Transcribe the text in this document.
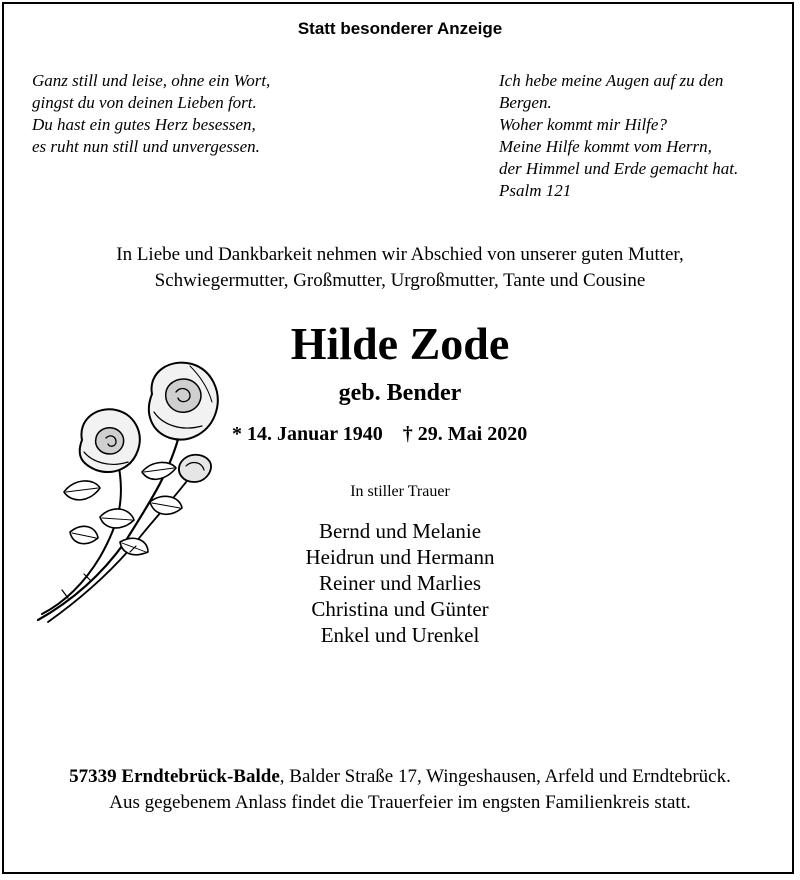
Statt besonderer Anzeige
Ganz still und leise, ohne ein Wort,
gingst du von deinen Lieben fort.
Du hast ein gutes Herz besessen,
es ruht nun still und unvergessen.
Ich hebe meine Augen auf zu den
Bergen.
Woher kommt mir Hilfe?
Meine Hilfe kommt vom Herrn,
der Himmel und Erde gemacht hat.
Psalm 121
In Liebe und Dankbarkeit nehmen wir Abschied von unserer guten Mutter,
Schwiegermutter, Großmutter, Urgroßmutter, Tante und Cousine
Hilde Zode
geb. Bender
* 14. Januar 1940 † 29. Mai 2020
In stiller Trauer
Bernd und Melanie
Heidrun und Hermann
Reiner und Marlies
Christina und Günter
Enkel und Urenkel
57339 Erndtebrück-Balde, Balder Straße 17, Wingeshausen, Arfeld und Erndtebrück.
Aus gegebenem Anlass findet die Trauerfeier im engsten Familienkreis statt.
